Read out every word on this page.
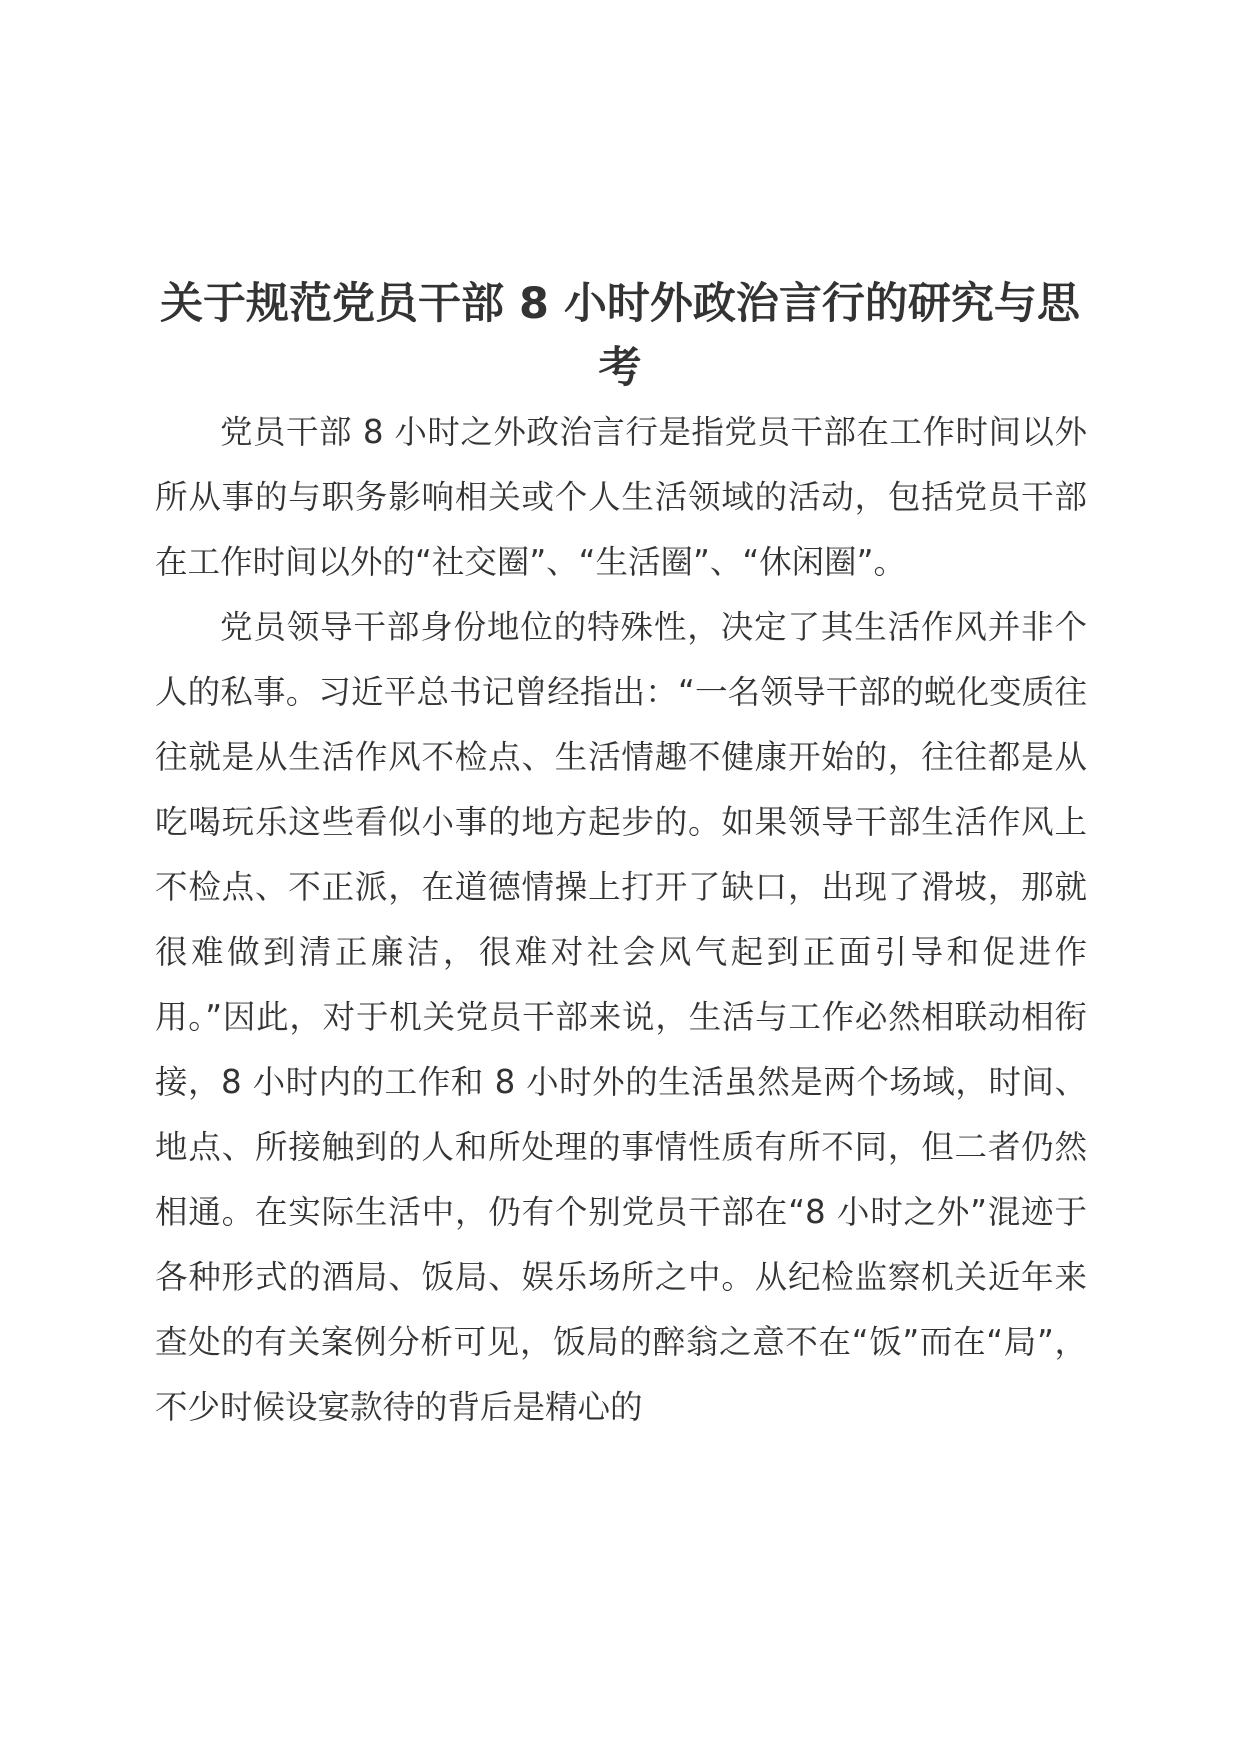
关于规范党员干部 8 小时外政治言行的研究与思考

党员干部 8 小时之外政治言行是指党员干部在工作时间以外所从事的与职务影响相关或个人生活领域的活动，包括党员干部在工作时间以外的“社交圈”、“生活圈”、“休闲圈”。

党员领导干部身份地位的特殊性，决定了其生活作风并非个人的私事。习近平总书记曾经指出：“一名领导干部的蜕化变质往往就是从生活作风不检点、生活情趣不健康开始的，往往都是从吃喝玩乐这些看似小事的地方起步的。如果领导干部生活作风上不检点、不正派，在道德情操上打开了缺口，出现了滑坡，那就很难做到清正廉洁，很难对社会风气起到正面引导和促进作用。”因此，对于机关党员干部来说，生活与工作必然相联动相衔接，8 小时内的工作和 8 小时外的生活虽然是两个场域，时间、地点、所接触到的人和所处理的事情性质有所不同，但二者仍然相通。在实际生活中，仍有个别党员干部在“8 小时之外”混迹于各种形式的酒局、饭局、娱乐场所之中。从纪检监察机关近年来查处的有关案例分析可见，饭局的醉翁之意不在“饭”而在“局”，不少时候设宴款待的背后是精心的
